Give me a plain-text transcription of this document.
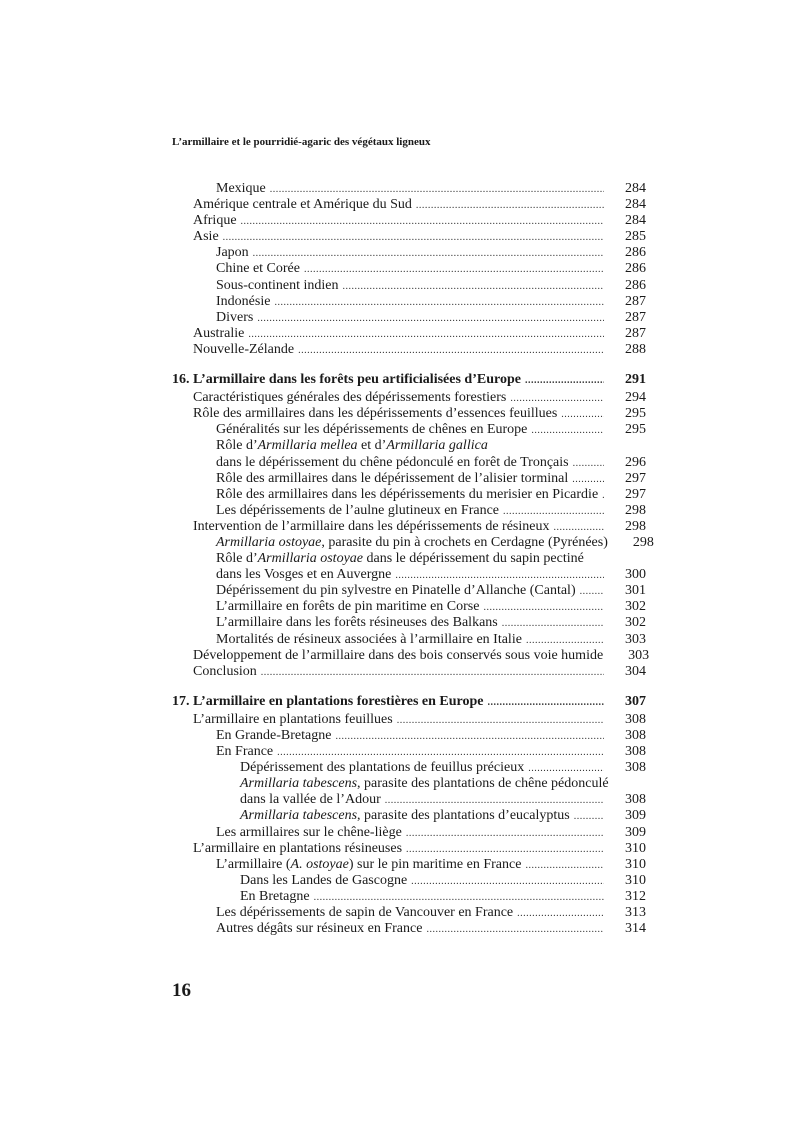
L’armillaire et le pourridié-agaric des végétaux ligneux
Mexique .....	284
Amérique centrale et Amérique du Sud .....	284
Afrique .....	284
Asie .....	285
Japon .....	286
Chine et Corée .....	286
Sous-continent indien .....	286
Indonésie .....	287
Divers .....	287
Australie .....	287
Nouvelle-Zélande .....	288
16. L’armillaire dans les forêts peu artificialisées d’Europe .....	291
Caractéristiques générales des dépérissements forestiers .....	294
Rôle des armillaires dans les dépérissements d’essences feuillues .....	295
Généralités sur les dépérissements de chênes en Europe .....	295
Rôle d’Armillaria mellea et d’Armillaria gallica
dans le dépérissement du chêne pédonculé en forêt de Tronçais .....	296
Rôle des armillaires dans le dépérissement de l’alisier torminal .....	297
Rôle des armillaires dans les dépérissements du merisier en Picardie .....	297
Les dépérissements de l’aulne glutineux en France .....	298
Intervention de l’armillaire dans les dépérissements de résineux .....	298
Armillaria ostoyae, parasite du pin à crochets en Cerdagne (Pyrénées)	298
Rôle d’Armillaria ostoyae dans le dépérissement du sapin pectiné
dans les Vosges et en Auvergne .....	300
Dépérissement du pin sylvestre en Pinatelle d’Allanche (Cantal) .....	301
L’armillaire en forêts de pin maritime en Corse .....	302
L’armillaire dans les forêts résineuses des Balkans .....	302
Mortalités de résineux associées à l’armillaire en Italie .....	303
Développement de l’armillaire dans des bois conservés sous voie humide	303
Conclusion .....	304
17. L’armillaire en plantations forestières en Europe .....	307
L’armillaire en plantations feuillues .....	308
En Grande-Bretagne .....	308
En France .....	308
Dépérissement des plantations de feuillus précieux .....	308
Armillaria tabescens, parasite des plantations de chêne pédonculé
dans la vallée de l’Adour .....	308
Armillaria tabescens, parasite des plantations d’eucalyptus .....	309
Les armillaires sur le chêne-liège .....	309
L’armillaire en plantations résineuses .....	310
L’armillaire (A. ostoyae) sur le pin maritime en France .....	310
Dans les Landes de Gascogne .....	310
En Bretagne .....	312
Les dépérissements de sapin de Vancouver en France .....	313
Autres dégâts sur résineux en France .....	314
16
